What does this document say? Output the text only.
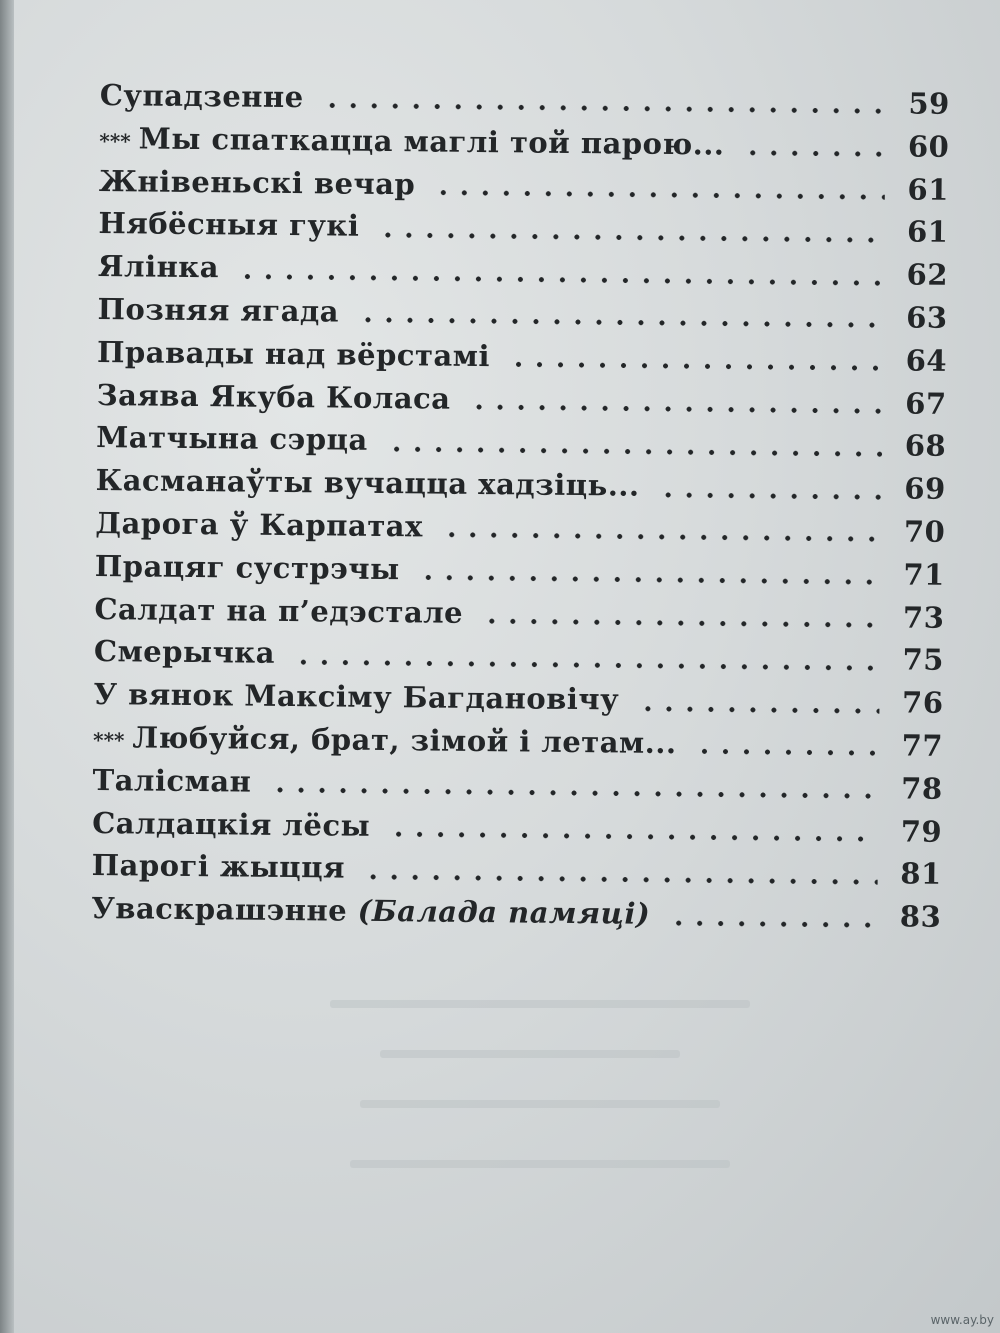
Супадзенне	59
*** Мы спаткацца маглі той парою...	60
Жнівеньскі вечар	61
Нябёсныя гукі	61
Ялінка	62
Позняя ягада	63
Правады над вёрстамі	64
Заява Якуба Коласа	67
Матчына сэрца	68
Касманаўты вучацца хадзіць...	69
Дарога ў Карпатах	70
Працяг сустрэчы	71
Салдат на п’едэстале	73
Смерычка	75
У вянок Максіму Багдановічу	76
*** Любуйся, брат, зімой і летам...	77
Талісман	78
Салдацкія лёсы	79
Парогі жыцця	81
Уваскрашэнне (Балада памяці)	83
www.ay.by
